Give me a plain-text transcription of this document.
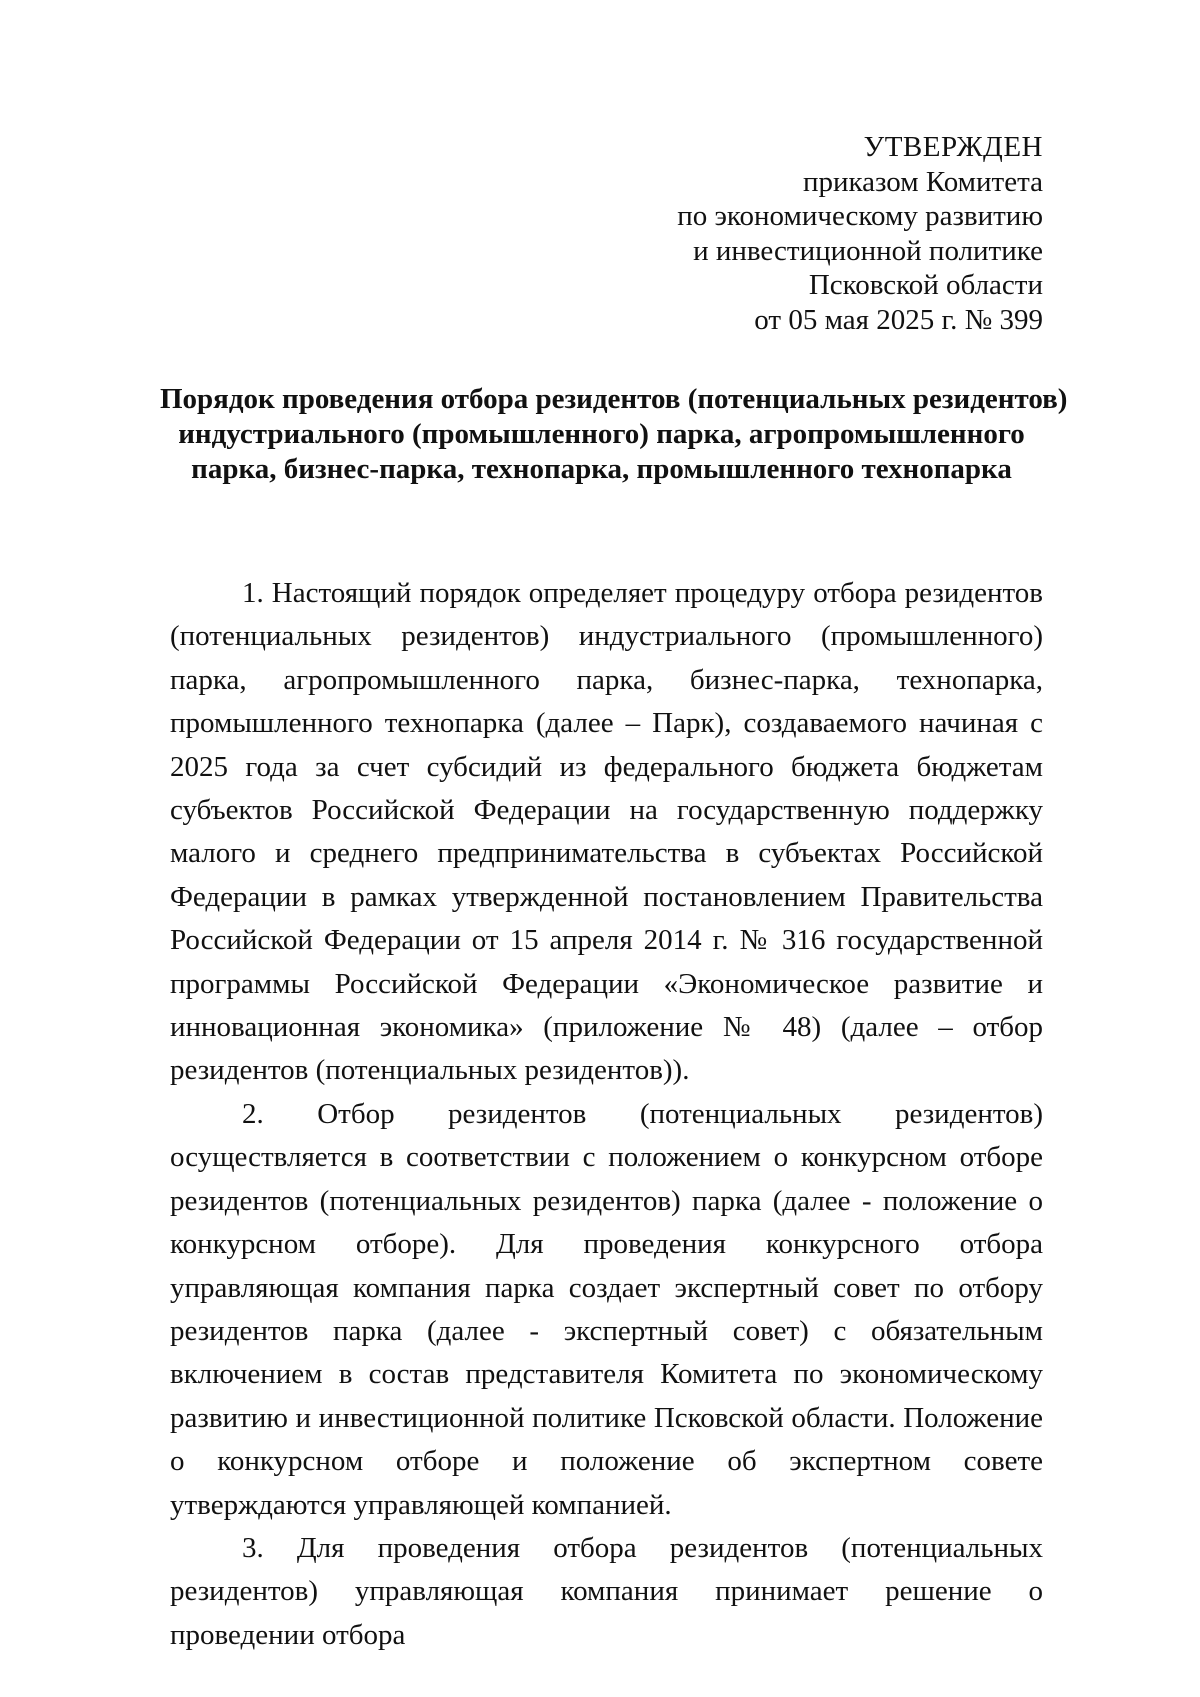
УТВЕРЖДЕН
приказом Комитета
по экономическому развитию
и инвестиционной политике
Псковской области
от 05 мая 2025 г. № 399
Порядок проведения отбора резидентов (потенциальных резидентов)
индустриального (промышленного) парка, агропромышленного
парка, бизнес-парка, технопарка, промышленного технопарка

1. Настоящий порядок определяет процедуру отбора резидентов (потенциальных резидентов) индустриального (промышленного) парка, агропромышленного парка, бизнес-парка, технопарка, промышленного технопарка (далее – Парк), создаваемого начиная с 2025 года за счет субсидий из федерального бюджета бюджетам субъектов Российской Федерации на государственную поддержку малого и среднего предпринимательства в субъектах Российской Федерации в рамках утвержденной постановлением Правительства Российской Федерации от 15 апреля 2014 г. № 316 государственной программы Российской Федерации «Экономическое развитие и инновационная экономика» (приложение № 48) (далее – отбор резидентов (потенциальных резидентов)).

2. Отбор резидентов (потенциальных резидентов) осуществляется в соответствии с положением о конкурсном отборе резидентов (потенциальных резидентов) парка (далее - положение о конкурсном отборе). Для проведения конкурсного отбора управляющая компания парка создает экспертный совет по отбору резидентов парка (далее - экспертный совет) с обязательным включением в состав представителя Комитета по экономическому развитию и инвестиционной политике Псковской области. Положение о конкурсном отборе и положение об экспертном совете утверждаются управляющей компанией.

3. Для проведения отбора резидентов (потенциальных резидентов) управляющая компания принимает решение о проведении отбора
